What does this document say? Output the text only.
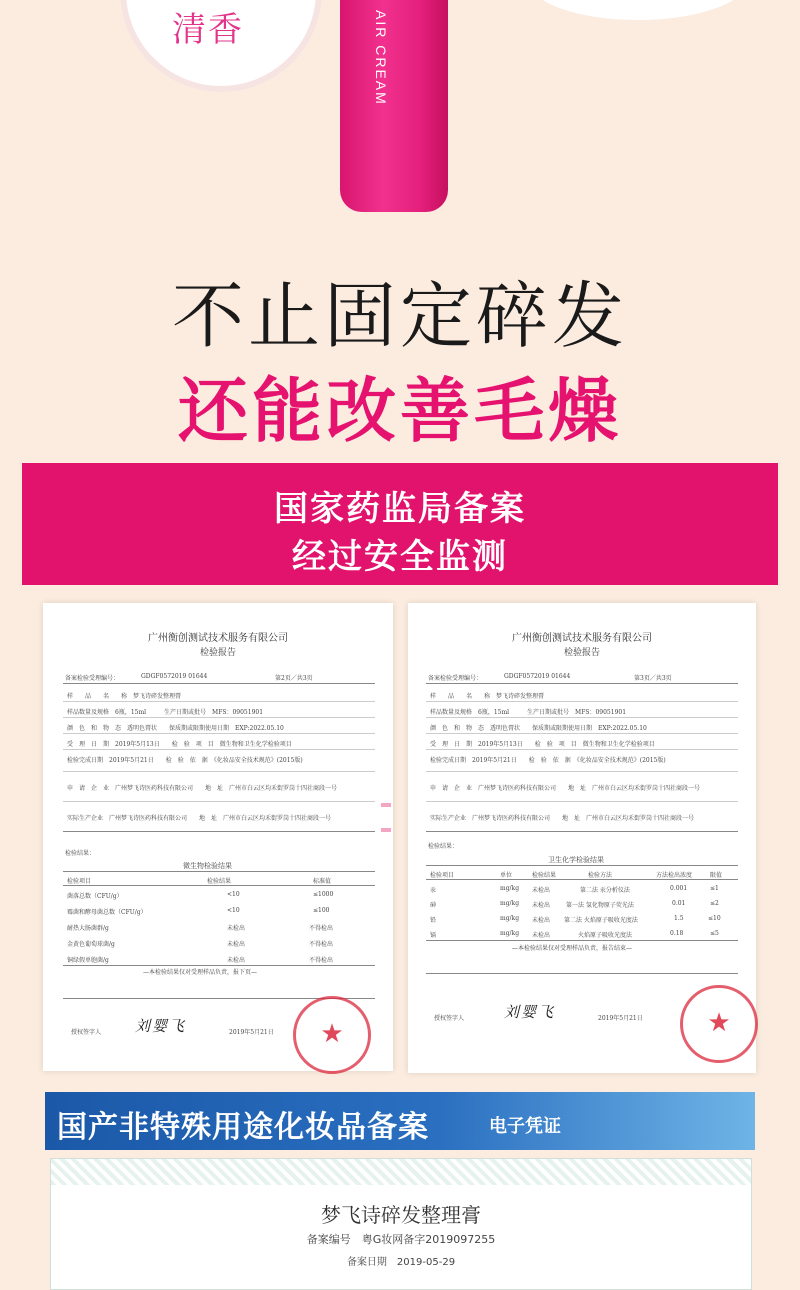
清香	AIR CREAM
不止固定碎发
还能改善毛燥
国家药监局备案
经过安全监测
广州衡创测试技术服务有限公司
检验报告
备案检验受理编号：	GDGF0572019 01644	第2页／共3页
样　　品　　名　　称　梦飞诗碎发整理膏
样品数量及规格　6瓶，15ml　　　生产日期或批号　MFS：09051901
颜　色　和　物　态　透明色膏状　　保质期或限期使用日期　EXP:2022.05.10
受　理　日　期　2019年5月13日　　检　验　项　目　微生物和卫生化学检验项目
检验完成日期　2019年5月21日　　检　验　依　据　《化妆品安全技术规范》(2015版)
申　请　企　业　广州梦飞诗医药科技有限公司　　地　址　广州市白云区均禾街罗岗十四社商段一号
实际生产企业　广州梦飞诗医药科技有限公司　　地　址　广州市白云区均禾街罗岗十四社商段一号
检验结果：
微生物检验结果
检验项目	检验结果	标准值
菌落总数（CFU/g）	<10	≤1000
霉菌和酵母菌总数（CFU/g）	<10	≤100
耐热大肠菌群/g	未检出	不得检出
金黄色葡萄球菌/g	未检出	不得检出
铜绿假单胞菌/g	未检出	不得检出
—本检验结果仅对受理样品负责，报下页—
授权签字人 刘婴飞	2019年5月21日	★
广州衡创测试技术服务有限公司
检验报告
备案检验受理编号：	GDGF0572019 01644	第3页／共3页
样　　品　　名　　称　梦飞诗碎发整理膏
样品数量及规格　6瓶，15ml　　　生产日期或批号　MFS：09051901
颜　色　和　物　态　透明色膏状　　保质期或限期使用日期　EXP:2022.05.10
受　理　日　期　2019年5月13日　　检　验　项　目　微生物和卫生化学检验项目
检验完成日期　2019年5月21日　　检　验　依　据　《化妆品安全技术规范》(2015版)
申　请　企　业　广州梦飞诗医药科技有限公司　　地　址　广州市白云区均禾街罗岗十四社商段一号
实际生产企业　广州梦飞诗医药科技有限公司　　地　址　广州市白云区均禾街罗岗十四社商段一号
检验结果：
卫生化学检验结果
检验项目	单位	检验结果	检验方法	方法检出浓度	限值
汞	mg/kg 未检出	第二法 汞分析仪法	0.001	≤1
砷	mg/kg 未检出	第一法 氢化物原子荧光法	0.01	≤2
铅	mg/kg 未检出 第二法 火焰原子吸收光度法	1.5	≤10
镉	mg/kg 未检出	火焰原子吸收光度法	0.18	≤5
—本检验结果仅对受理样品负责，报告结束—
授权签字人	刘婴飞	2019年5月21日	★
国产非特殊用途化妆品备案	电子凭证
梦飞诗碎发整理膏
备案编号　粤G妆网备字2019097255
备案日期　2019-05-29
